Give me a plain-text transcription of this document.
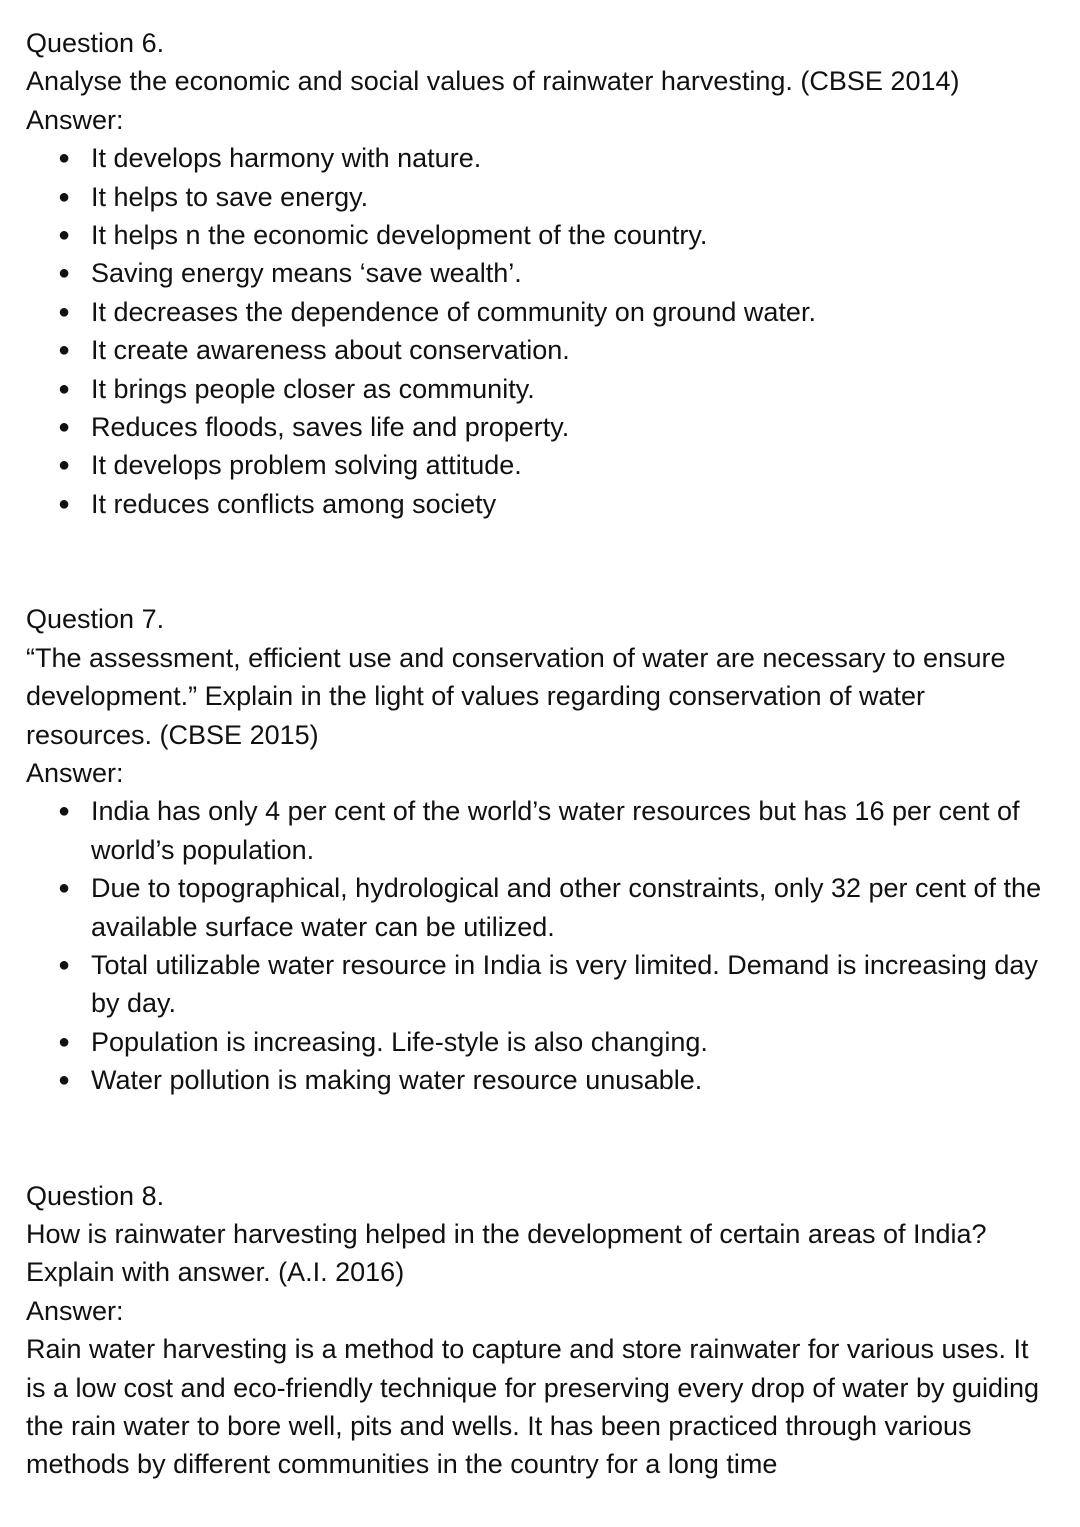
Question 6.

Analyse the economic and social values of rainwater harvesting. (CBSE 2014)

Answer:

● It develops harmony with nature.
● It helps to save energy.
● It helps n the economic development of the country.
● Saving energy means ‘save wealth’.
● It decreases the dependence of community on ground water.
● It create awareness about conservation.
● It brings people closer as community.
● Reduces floods, saves life and property.
● It develops problem solving attitude.
● It reduces conflicts among society

Question 7.

“The assessment, efficient use and conservation of water are necessary to ensure development.” Explain in the light of values regarding conservation of water resources. (CBSE 2015)

Answer:

● India has only 4 per cent of the world’s water resources but has 16 per cent of world’s population.
● Due to topographical, hydrological and other constraints, only 32 per cent of the available surface water can be utilized.
● Total utilizable water resource in India is very limited. Demand is increasing day by day.
● Population is increasing. Life-style is also changing.
● Water pollution is making water resource unusable.

Question 8.

How is rainwater harvesting helped in the development of certain areas of India? Explain with answer. (A.I. 2016)

Answer:

Rain water harvesting is a method to capture and store rainwater for various uses. It is a low cost and eco-friendly technique for preserving every drop of water by guiding the rain water to bore well, pits and wells. It has been practiced through various methods by different communities in the country for a long time
